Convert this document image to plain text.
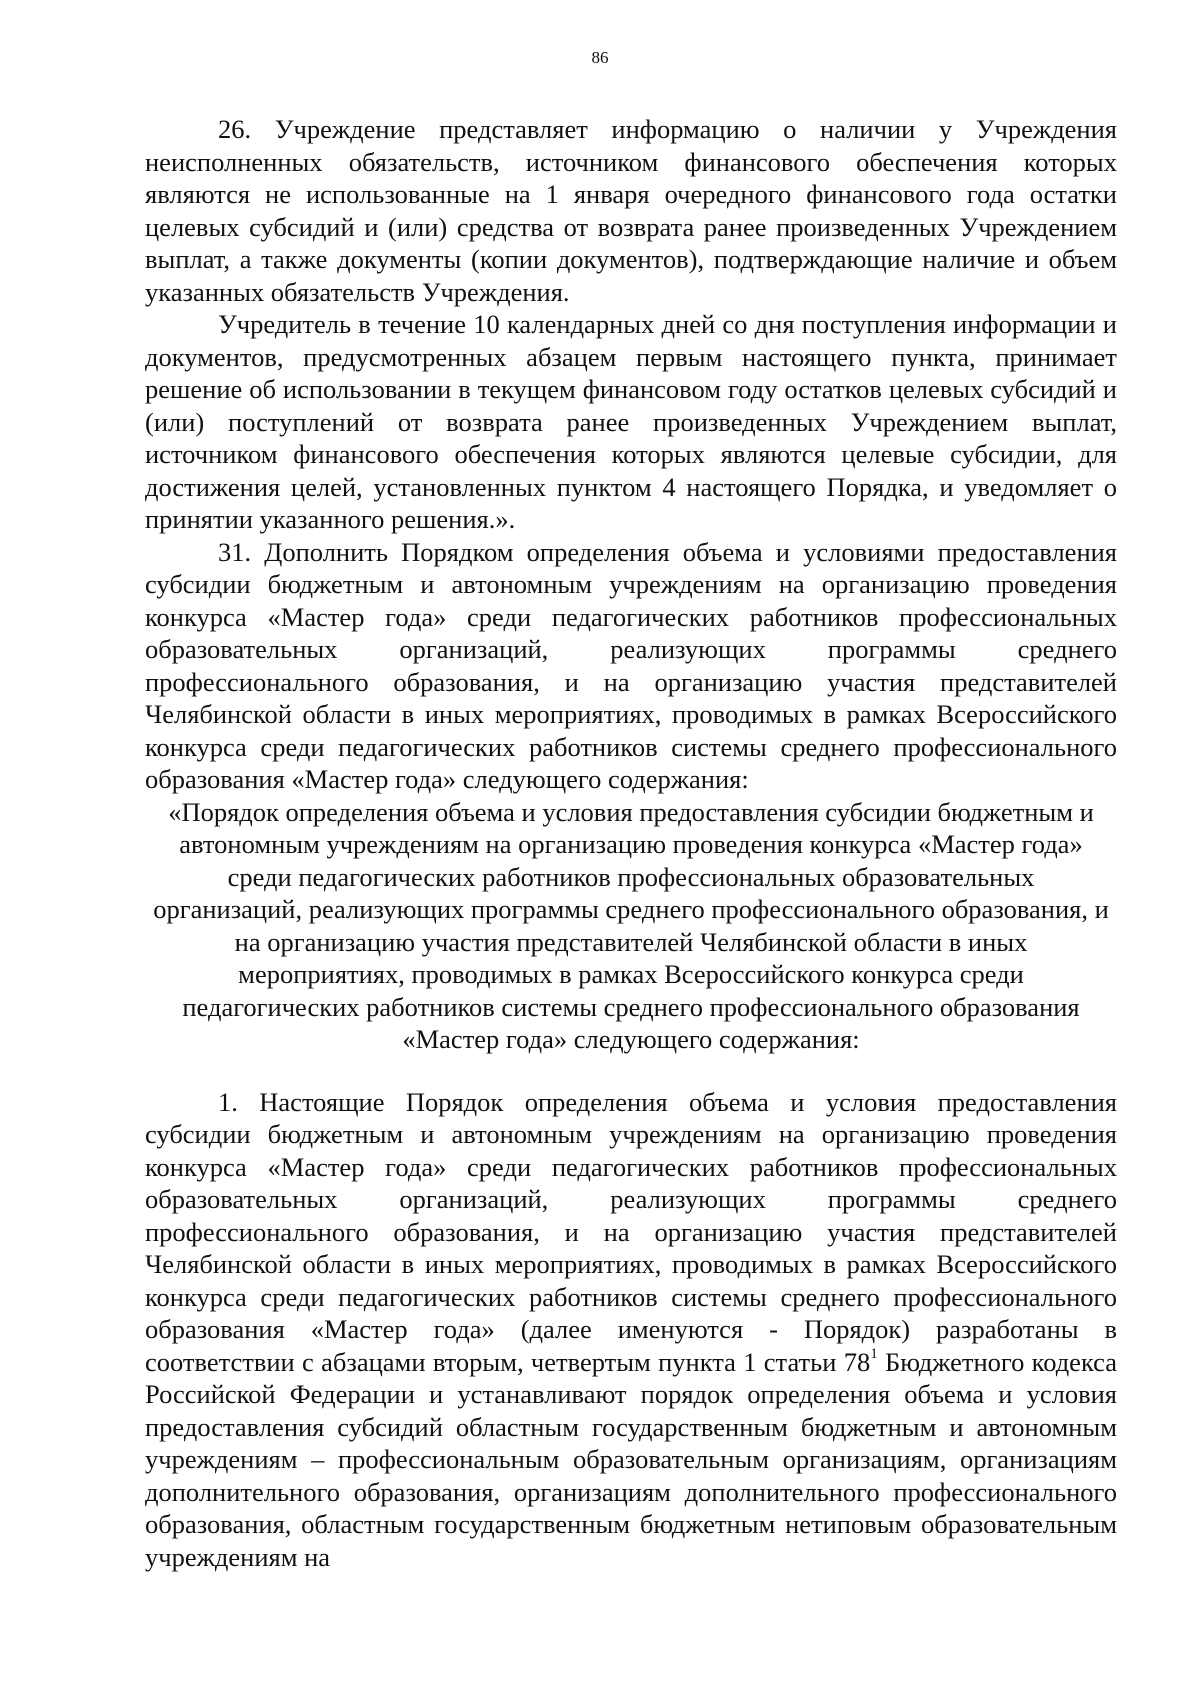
86

26. Учреждение представляет информацию о наличии у Учреждения неисполненных обязательств, источником финансового обеспечения которых являются не использованные на 1 января очередного финансового года остатки целевых субсидий и (или) средства от возврата ранее произведенных Учреждением выплат, а также документы (копии документов), подтверждающие наличие и объем указанных обязательств Учреждения.

Учредитель в течение 10 календарных дней со дня поступления информации и документов, предусмотренных абзацем первым настоящего пункта, принимает решение об использовании в текущем финансовом году остатков целевых субсидий и (или) поступлений от возврата ранее произведенных Учреждением выплат, источником финансового обеспечения которых являются целевые субсидии, для достижения целей, установленных пунктом 4 настоящего Порядка, и уведомляет о принятии указанного решения.».

31. Дополнить Порядком определения объема и условиями предоставления субсидии бюджетным и автономным учреждениям на организацию проведения конкурса «Мастер года» среди педагогических работников профессиональных образовательных организаций, реализующих программы среднего профессионального образования, и на организацию участия представителей Челябинской области в иных мероприятиях, проводимых в рамках Всероссийского конкурса среди педагогических работников системы среднего профессионального образования «Мастер года» следующего содержания:

«Порядок определения объема и условия предоставления субсидии бюджетным и автономным учреждениям на организацию проведения конкурса «Мастер года» среди педагогических работников профессиональных образовательных организаций, реализующих программы среднего профессионального образования, и на организацию участия представителей Челябинской области в иных мероприятиях, проводимых в рамках Всероссийского конкурса среди педагогических работников системы среднего профессионального образования «Мастер года» следующего содержания:

1. Настоящие Порядок определения объема и условия предоставления субсидии бюджетным и автономным учреждениям на организацию проведения конкурса «Мастер года» среди педагогических работников профессиональных образовательных организаций, реализующих программы среднего профессионального образования, и на организацию участия представителей Челябинской области в иных мероприятиях, проводимых в рамках Всероссийского конкурса среди педагогических работников системы среднего профессионального образования «Мастер года» (далее именуются - Порядок) разработаны в соответствии с абзацами вторым, четвертым пункта 1 статьи $78^1$ Бюджетного кодекса Российской Федерации и устанавливают порядок определения объема и условия предоставления субсидий областным государственным бюджетным и автономным учреждениям – профессиональным образовательным организациям, организациям дополнительного образования, организациям дополнительного профессионального образования, областным государственным бюджетным нетиповым образовательным учреждениям на
